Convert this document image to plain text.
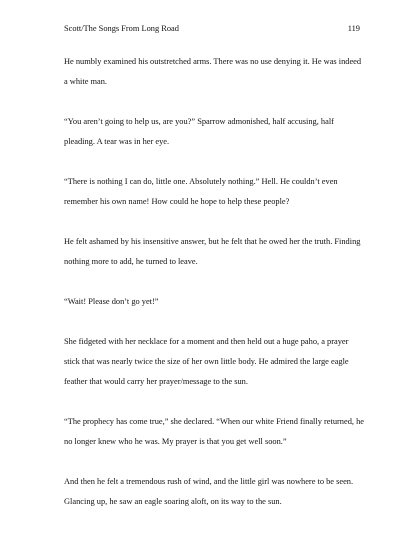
Scott/The Songs From Long Road	119

He numbly examined his outstretched arms. There was no use denying it. He was indeed
a white man.

“You aren’t going to help us, are you?” Sparrow admonished, half accusing, half
pleading. A tear was in her eye.

“There is nothing I can do, little one. Absolutely nothing.” Hell. He couldn’t even
remember his own name! How could he hope to help these people?

He felt ashamed by his insensitive answer, but he felt that he owed her the truth. Finding
nothing more to add, he turned to leave.

“Wait! Please don’t go yet!”

She fidgeted with her necklace for a moment and then held out a huge paho, a prayer
stick that was nearly twice the size of her own little body. He admired the large eagle
feather that would carry her prayer/message to the sun.

“The prophecy has come true,” she declared. “When our white Friend finally returned, he
no longer knew who he was. My prayer is that you get well soon.”

And then he felt a tremendous rush of wind, and the little girl was nowhere to be seen.
Glancing up, he saw an eagle soaring aloft, on its way to the sun.
